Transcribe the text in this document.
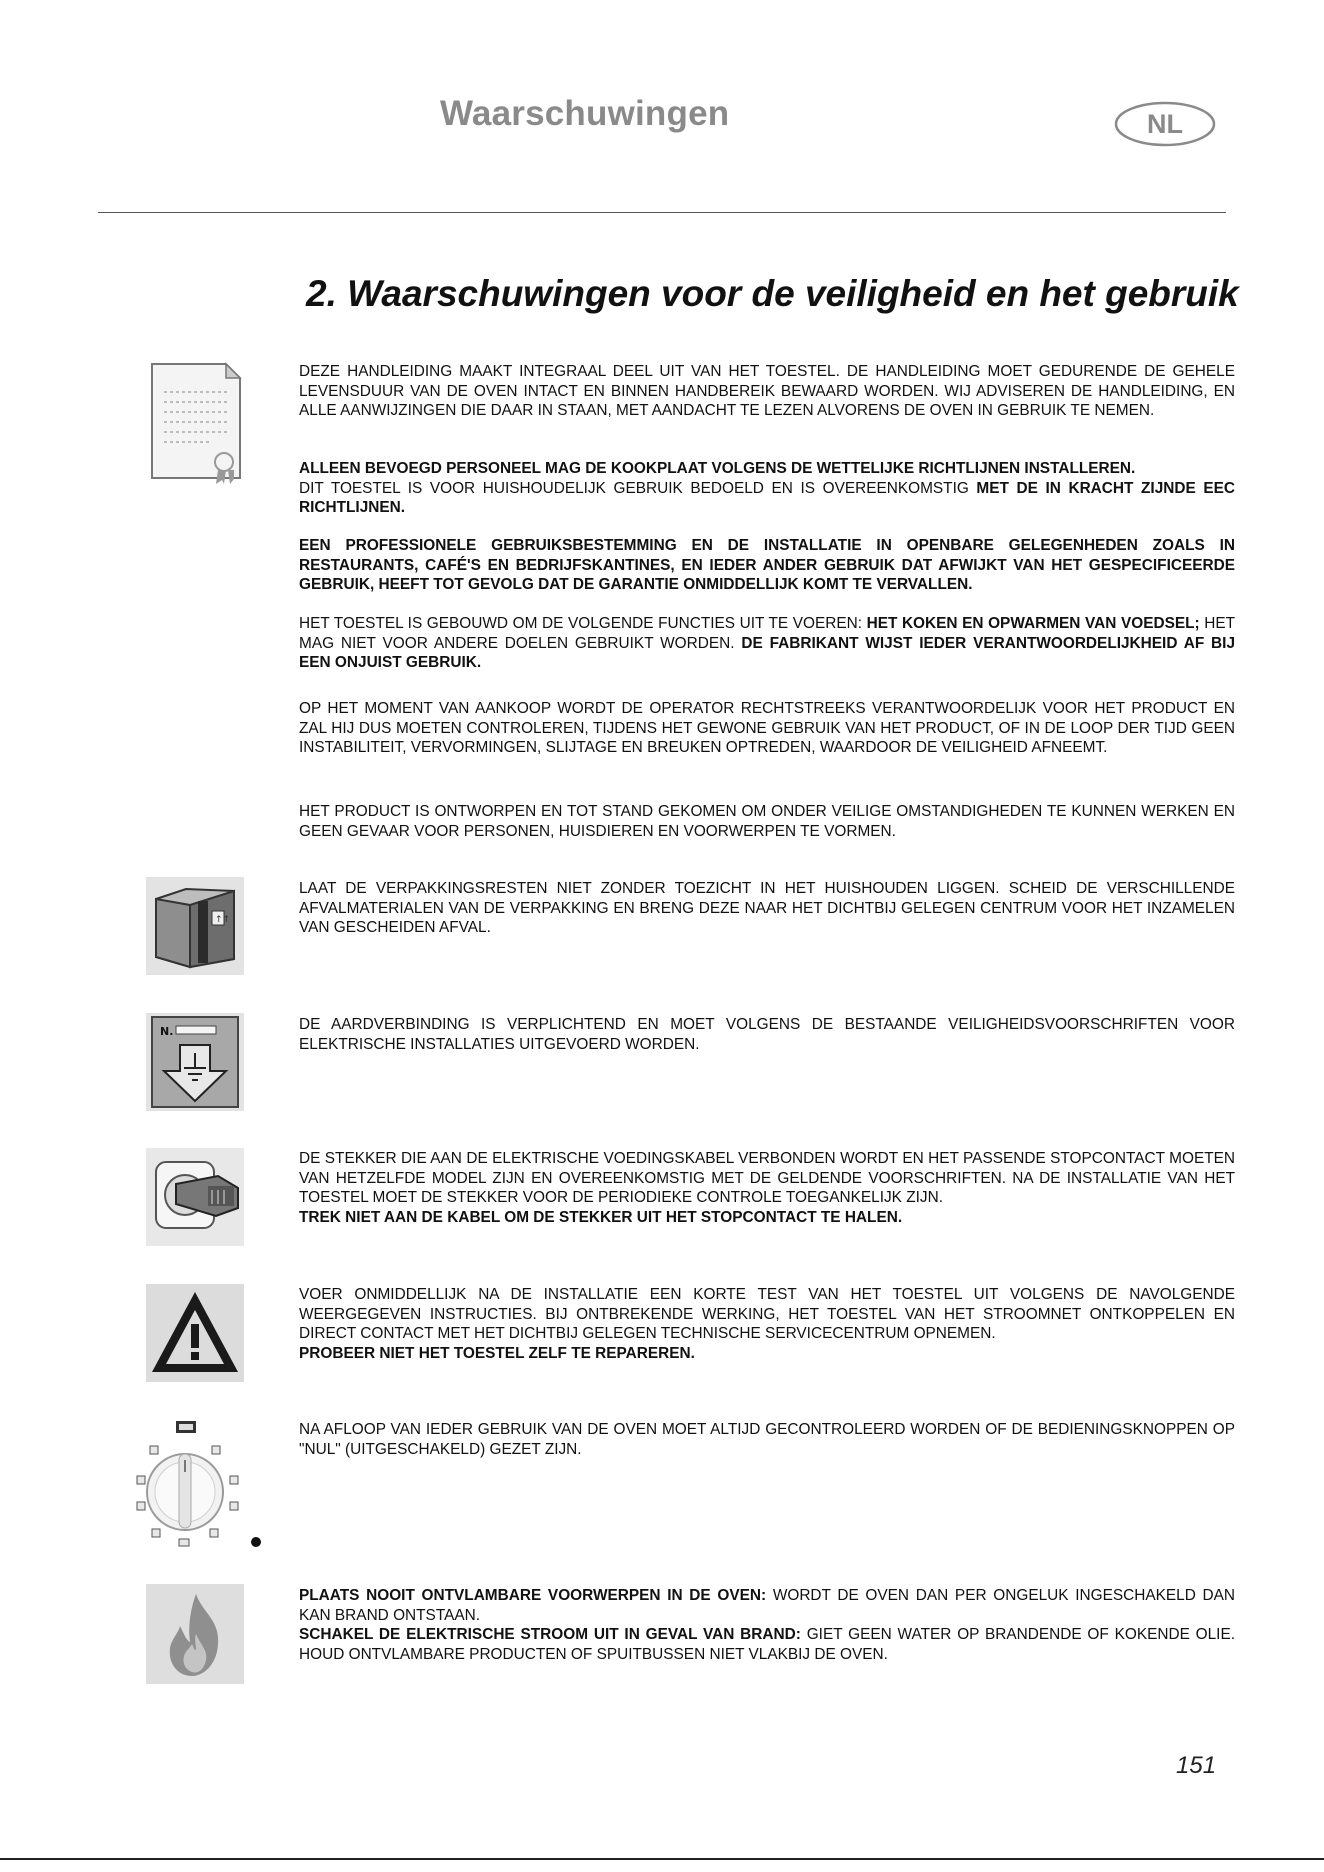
Waarschuwingen	NL
2. Waarschuwingen voor de veiligheid en het gebruik
DEZE HANDLEIDING MAAKT INTEGRAAL DEEL UIT VAN HET TOESTEL. DE HANDLEIDING MOET GEDURENDE DE GEHELE LEVENSDUUR VAN DE OVEN INTACT EN BINNEN HANDBEREIK BEWAARD WORDEN. WIJ ADVISEREN DE HANDLEIDING, EN ALLE AANWIJZINGEN DIE DAAR IN STAAN, MET AANDACHT TE LEZEN ALVORENS DE OVEN IN GEBRUIK TE NEMEN.
ALLEEN BEVOEGD PERSONEEL MAG DE KOOKPLAAT VOLGENS DE WETTELIJKE RICHTLIJNEN INSTALLEREN.
DIT TOESTEL IS VOOR HUISHOUDELIJK GEBRUIK BEDOELD EN IS OVEREENKOMSTIG MET DE IN KRACHT ZIJNDE EEC RICHTLIJNEN.
EEN PROFESSIONELE GEBRUIKSBESTEMMING EN DE INSTALLATIE IN OPENBARE GELEGENHEDEN ZOALS IN RESTAURANTS, CAFÉ'S EN BEDRIJFSKANTINES, EN IEDER ANDER GEBRUIK DAT AFWIJKT VAN HET GESPECIFICEERDE GEBRUIK, HEEFT TOT GEVOLG DAT DE GARANTIE ONMIDDELLIJK KOMT TE VERVALLEN.
HET TOESTEL IS GEBOUWD OM DE VOLGENDE FUNCTIES UIT TE VOEREN: HET KOKEN EN OPWARMEN VAN VOEDSEL; HET MAG NIET VOOR ANDERE DOELEN GEBRUIKT WORDEN. DE FABRIKANT WIJST IEDER VERANTWOORDELIJKHEID AF BIJ EEN ONJUIST GEBRUIK.
OP HET MOMENT VAN AANKOOP WORDT DE OPERATOR RECHTSTREEKS VERANTWOORDELIJK VOOR HET PRODUCT EN ZAL HIJ DUS MOETEN CONTROLEREN, TIJDENS HET GEWONE GEBRUIK VAN HET PRODUCT, OF IN DE LOOP DER TIJD GEEN INSTABILITEIT, VERVORMINGEN, SLIJTAGE EN BREUKEN OPTREDEN, WAARDOOR DE VEILIGHEID AFNEEMT.
HET PRODUCT IS ONTWORPEN EN TOT STAND GEKOMEN OM ONDER VEILIGE OMSTANDIGHEDEN TE KUNNEN WERKEN EN GEEN GEVAAR VOOR PERSONEN, HUISDIEREN EN VOORWERPEN TE VORMEN.
LAAT DE VERPAKKINGSRESTEN NIET ZONDER TOEZICHT IN HET HUISHOUDEN LIGGEN. SCHEID DE VERSCHILLENDE AFVALMATERIALEN VAN DE VERPAKKING EN BRENG DEZE NAAR HET DICHTBIJ GELEGEN CENTRUM VOOR HET INZAMELEN VAN GESCHEIDEN AFVAL.
DE AARDVERBINDING IS VERPLICHTEND EN MOET VOLGENS DE BESTAANDE VEILIGHEIDSVOORSCHRIFTEN VOOR ELEKTRISCHE INSTALLATIES UITGEVOERD WORDEN.
DE STEKKER DIE AAN DE ELEKTRISCHE VOEDINGSKABEL VERBONDEN WORDT EN HET PASSENDE STOPCONTACT MOETEN VAN HETZELFDE MODEL ZIJN EN OVEREENKOMSTIG MET DE GELDENDE VOORSCHRIFTEN. NA DE INSTALLATIE VAN HET TOESTEL MOET DE STEKKER VOOR DE PERIODIEKE CONTROLE TOEGANKELIJK ZIJN.
TREK NIET AAN DE KABEL OM DE STEKKER UIT HET STOPCONTACT TE HALEN.
VOER ONMIDDELLIJK NA DE INSTALLATIE EEN KORTE TEST VAN HET TOESTEL UIT VOLGENS DE NAVOLGENDE WEERGEGEVEN INSTRUCTIES. BIJ ONTBREKENDE WERKING, HET TOESTEL VAN HET STROOMNET ONTKOPPELEN EN DIRECT CONTACT MET HET DICHTBIJ GELEGEN TECHNISCHE SERVICECENTRUM OPNEMEN.
PROBEER NIET HET TOESTEL ZELF TE REPAREREN.
NA AFLOOP VAN IEDER GEBRUIK VAN DE OVEN MOET ALTIJD GECONTROLEERD WORDEN OF DE BEDIENINGSKNOPPEN OP "NUL" (UITGESCHAKELD) GEZET ZIJN.
PLAATS NOOIT ONTVLAMBARE VOORWERPEN IN DE OVEN: WORDT DE OVEN DAN PER ONGELUK INGESCHAKELD DAN KAN BRAND ONTSTAAN.
SCHAKEL DE ELEKTRISCHE STROOM UIT IN GEVAL VAN BRAND: GIET GEEN WATER OP BRANDENDE OF KOKENDE OLIE. HOUD ONTVLAMBARE PRODUCTEN OF SPUITBUSSEN NIET VLAKBIJ DE OVEN.
↑↑
N.
151
